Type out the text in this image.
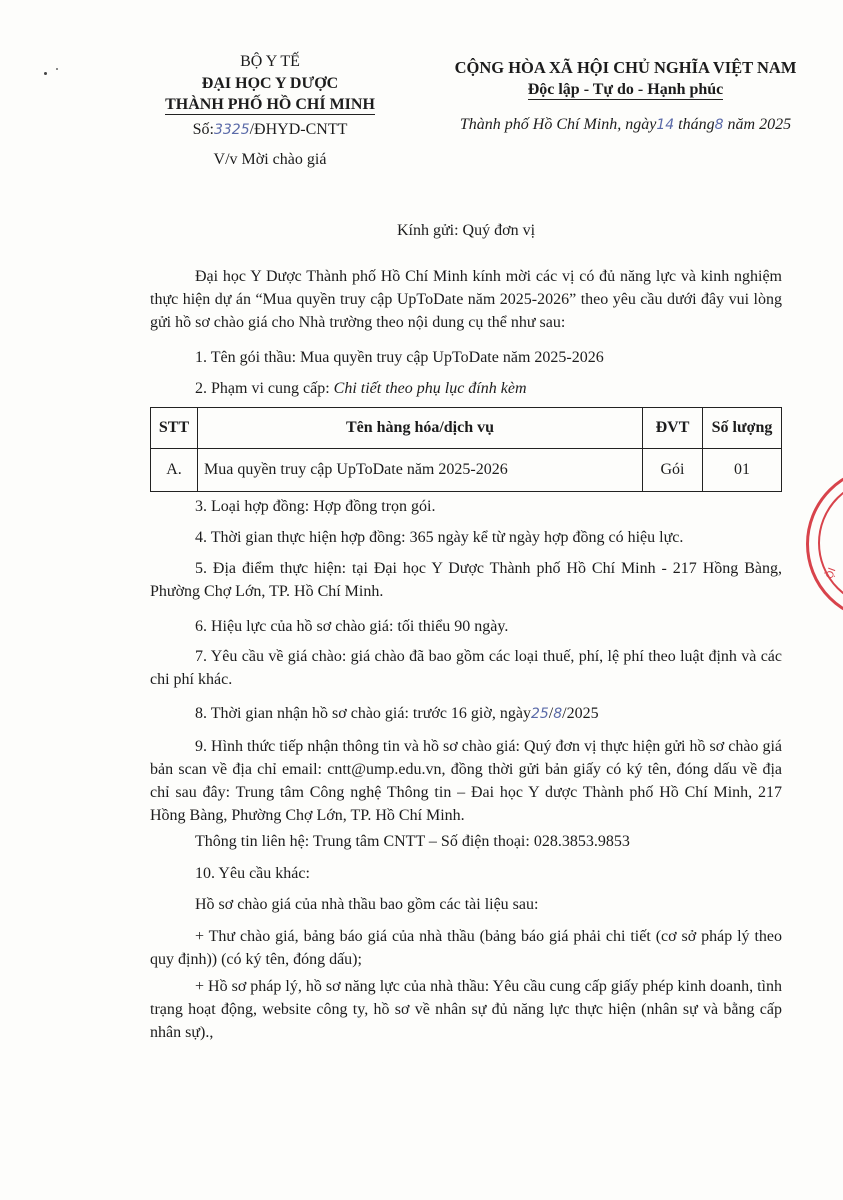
BỘ Y TẾ
ĐẠI HỌC Y DƯỢC
THÀNH PHỐ HỒ CHÍ MINH
Số:3325/ĐHYD-CNTT
V/v Mời chào giá
CỘNG HÒA XÃ HỘI CHỦ NGHĨA VIỆT NAM
Độc lập - Tự do - Hạnh phúc
Thành phố Hồ Chí Minh, ngày14 tháng8 năm 2025
Kính gửi: Quý đơn vị
Đại học Y Dược Thành phố Hồ Chí Minh kính mời các vị có đủ năng lực và kinh nghiệm thực hiện dự án “Mua quyền truy cập UpToDate năm 2025-2026” theo yêu cầu dưới đây vui lòng gửi hồ sơ chào giá cho Nhà trường theo nội dung cụ thể như sau:
1. Tên gói thầu: Mua quyền truy cập UpToDate năm 2025-2026
2. Phạm vi cung cấp: Chi tiết theo phụ lục đính kèm
STT	Tên hàng hóa/dịch vụ	ĐVT	Số lượng
A.	Mua quyền truy cập UpToDate năm 2025-2026	Gói	01
3. Loại hợp đồng: Hợp đồng trọn gói.
4. Thời gian thực hiện hợp đồng: 365 ngày kể từ ngày hợp đồng có hiệu lực.
5. Địa điểm thực hiện: tại Đại học Y Dược Thành phố Hồ Chí Minh - 217 Hồng Bàng, Phường Chợ Lớn, TP. Hồ Chí Minh.
6. Hiệu lực của hồ sơ chào giá: tối thiểu 90 ngày.
7. Yêu cầu về giá chào: giá chào đã bao gồm các loại thuế, phí, lệ phí theo luật định và các chi phí khác.
8. Thời gian nhận hồ sơ chào giá: trước 16 giờ, ngày25/8/2025
9. Hình thức tiếp nhận thông tin và hồ sơ chào giá: Quý đơn vị thực hiện gửi hồ sơ chào giá bản scan về địa chỉ email: cntt@ump.edu.vn, đồng thời gửi bản giấy có ký tên, đóng dấu về địa chỉ sau đây: Trung tâm Công nghệ Thông tin – Đai học Y dược Thành phố Hồ Chí Minh, 217 Hồng Bàng, Phường Chợ Lớn, TP. Hồ Chí Minh.
Thông tin liên hệ: Trung tâm CNTT – Số điện thoại: 028.3853.9853
10. Yêu cầu khác:
Hồ sơ chào giá của nhà thầu bao gồm các tài liệu sau:
+ Thư chào giá, bảng báo giá của nhà thầu (bảng báo giá phải chi tiết (cơ sở pháp lý theo quy định)) (có ký tên, đóng dấu);
+ Hồ sơ pháp lý, hồ sơ năng lực của nhà thầu: Yêu cầu cung cấp giấy phép kinh doanh, tình trạng hoạt động, website công ty, hồ sơ về nhân sự đủ năng lực thực hiện (nhân sự và bằng cấp nhân sự).,
ỘI
